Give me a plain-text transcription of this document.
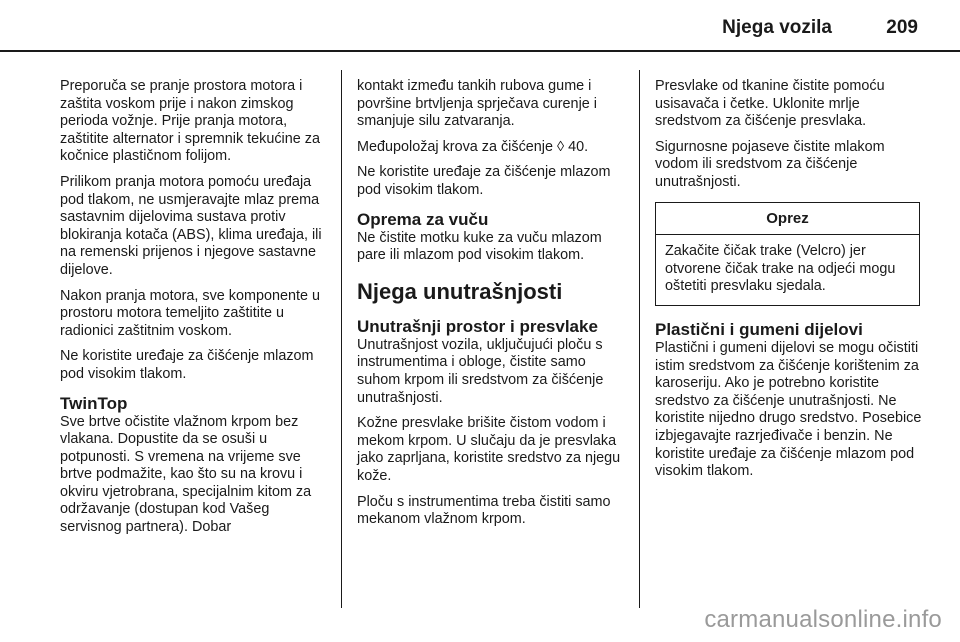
Njega vozila	209

Preporuča se pranje prostora motora i zaštita voskom prije i nakon zimskog perioda vožnje. Prije pranja motora, zaštitite alternator i spremnik tekućine za kočnice plastičnom folijom.

Prilikom pranja motora pomoću uređaja pod tlakom, ne usmjeravajte mlaz prema sastavnim dijelovima sustava protiv blokiranja kotača (ABS), klima uređaja, ili na remenski prijenos i njegove sastavne dijelove.

Nakon pranja motora, sve komponente u prostoru motora temeljito zaštitite u radionici zaštitnim voskom.

Ne koristite uređaje za čišćenje mlazom pod visokim tlakom.

TwinTop

Sve brtve očistite vlažnom krpom bez vlakana. Dopustite da se osuši u potpunosti. S vremena na vrijeme sve brtve podmažite, kao što su na krovu i okviru vjetrobrana, specijalnim kitom za održavanje (dostupan kod Vašeg servisnog partnera). Dobar

kontakt između tankih rubova gume i površine brtvljenja sprječava curenje i smanjuje silu zatvaranja.

Međupoložaj krova za čišćenje ◊ 40.

Ne koristite uređaje za čišćenje mlazom pod visokim tlakom.

Oprema za vuču

Ne čistite motku kuke za vuču mlazom pare ili mlazom pod visokim tlakom.

Njega unutrašnjosti
Unutrašnji prostor i presvlake

Unutrašnjost vozila, uključujući ploču s instrumentima i obloge, čistite samo suhom krpom ili sredstvom za čišćenje unutrašnjosti.

Kožne presvlake brišite čistom vodom i mekom krpom. U slučaju da je presvlaka jako zaprljana, koristite sredstvo za njegu kože.

Ploču s instrumentima treba čistiti samo mekanom vlažnom krpom.

Presvlake od tkanine čistite pomoću usisavača i četke. Uklonite mrlje sredstvom za čišćenje presvlaka.

Sigurnosne pojaseve čistite mlakom vodom ili sredstvom za čišćenje unutrašnjosti.

Oprez
Zakačite čičak trake (Velcro) jer otvorene čičak trake na odjeći mogu oštetiti presvlaku sjedala.
Plastični i gumeni dijelovi

Plastični i gumeni dijelovi se mogu očistiti istim sredstvom za čišćenje korištenim za karoseriju. Ako je potrebno koristite sredstvo za čišćenje unutrašnjosti. Ne koristite nijedno drugo sredstvo. Posebice izbjegavajte razrjeđivače i benzin. Ne koristite uređaje za čišćenje mlazom pod visokim tlakom.

carmanualsonline.info
